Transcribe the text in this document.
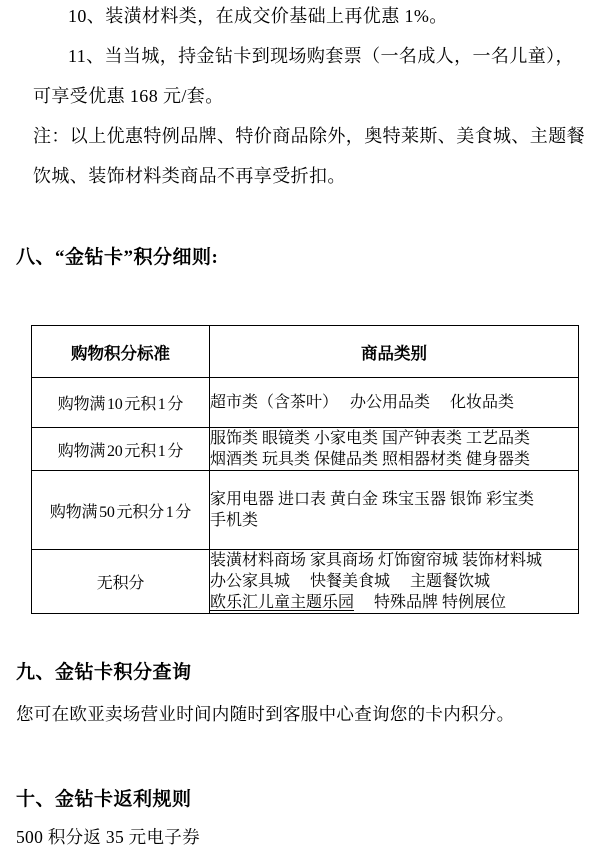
10、装潢材料类，在成交价基础上再优惠 1%。
11、当当城，持金钻卡到现场购套票（一名成人，一名儿童），
可享受优惠 168 元/套。
注：以上优惠特例品牌、特价商品除外，奥特莱斯、美食城、主题餐
饮城、装饰材料类商品不再享受折扣。
八、“金钻卡”积分细则:
购物积分标准	商品类别
购物满 10 元积 1 分	超市类（含茶叶）　 办公用品类　 化妆品类

购物满 20 元积 1 分	服饰类 眼镜类 小家电类 国产钟表类 工艺品类
烟酒类 玩具类 保健品类 照相器材类 健身器类

购物满 50 元积分 1 分	家用电器 进口表 黄白金 珠宝玉器 银饰 彩宝类
手机类

无积分	装潢材料商场 家具商场 灯饰窗帘城 装饰材料城
办公家具城　 快餐美食城　 主题餐饮城
欧乐汇儿童主题乐园　 特殊品牌 特例展位
九、金钻卡积分查询
您可在欧亚卖场营业时间内随时到客服中心查询您的卡内积分。
十、金钻卡返利规则
500 积分返 35 元电子券
